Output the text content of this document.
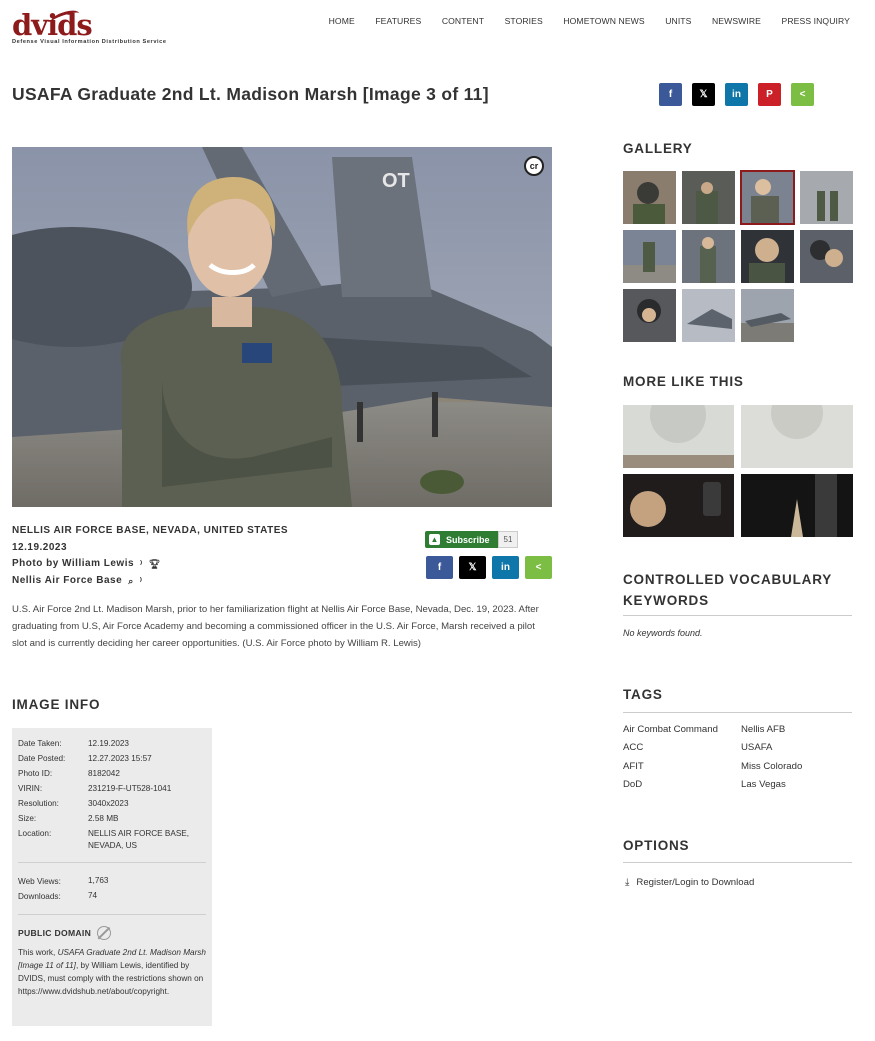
dvids
Defense Visual Information Distribution Service
HOME FEATURES CONTENT STORIES HOMETOWN NEWS UNITS NEWSWIRE PRESS INQUIRY
USAFA Graduate 2nd Lt. Madison Marsh [Image 3 of 11]	f	𝕏 in	P	<
OT
cr
NELLIS AIR FORCE BASE, NEVADA, UNITED STATES
12.19.2023
Photo by William Lewis ⁾ 🏆︎
Nellis Air Force Base ⌕ ⁾
▲ Subscribe	51
f	𝕏 in	<

U.S. Air Force 2nd Lt. Madison Marsh, prior to her familiarization flight at Nellis Air Force Base, Nevada, Dec. 19, 2023. After graduating from U.S, Air Force Academy and becoming a commissioned officer in the U.S. Air Force, Marsh received a pilot slot and is currently deciding her career opportunities. (U.S. Air Force photo by William R. Lewis)

IMAGE INFO
Date Taken:	12.19.2023
Date Posted:	12.27.2023 15:57
Photo ID:	8182042
VIRIN:	231219-F-UT528-1041
Resolution:	3040x2023
Size:	2.58 MB
Location:	NELLIS AIR FORCE BASE, NEVADA, US
Web Views:	1,763
Downloads:	74
PUBLIC DOMAIN
This work, USAFA Graduate 2nd Lt. Madison Marsh [Image 11 of 11], by William Lewis, identified by DVIDS, must comply with the restrictions shown on https://www.dvidshub.net/about/copyright.
GALLERY
MORE LIKE THIS
CONTROLLED VOCABULARY KEYWORDS
No keywords found.
TAGS
Air Combat Command	Nellis AFB
ACC	USAFA
AFIT	Miss Colorado
DoD	Las Vegas
OPTIONS
⤓ Register/Login to Download
